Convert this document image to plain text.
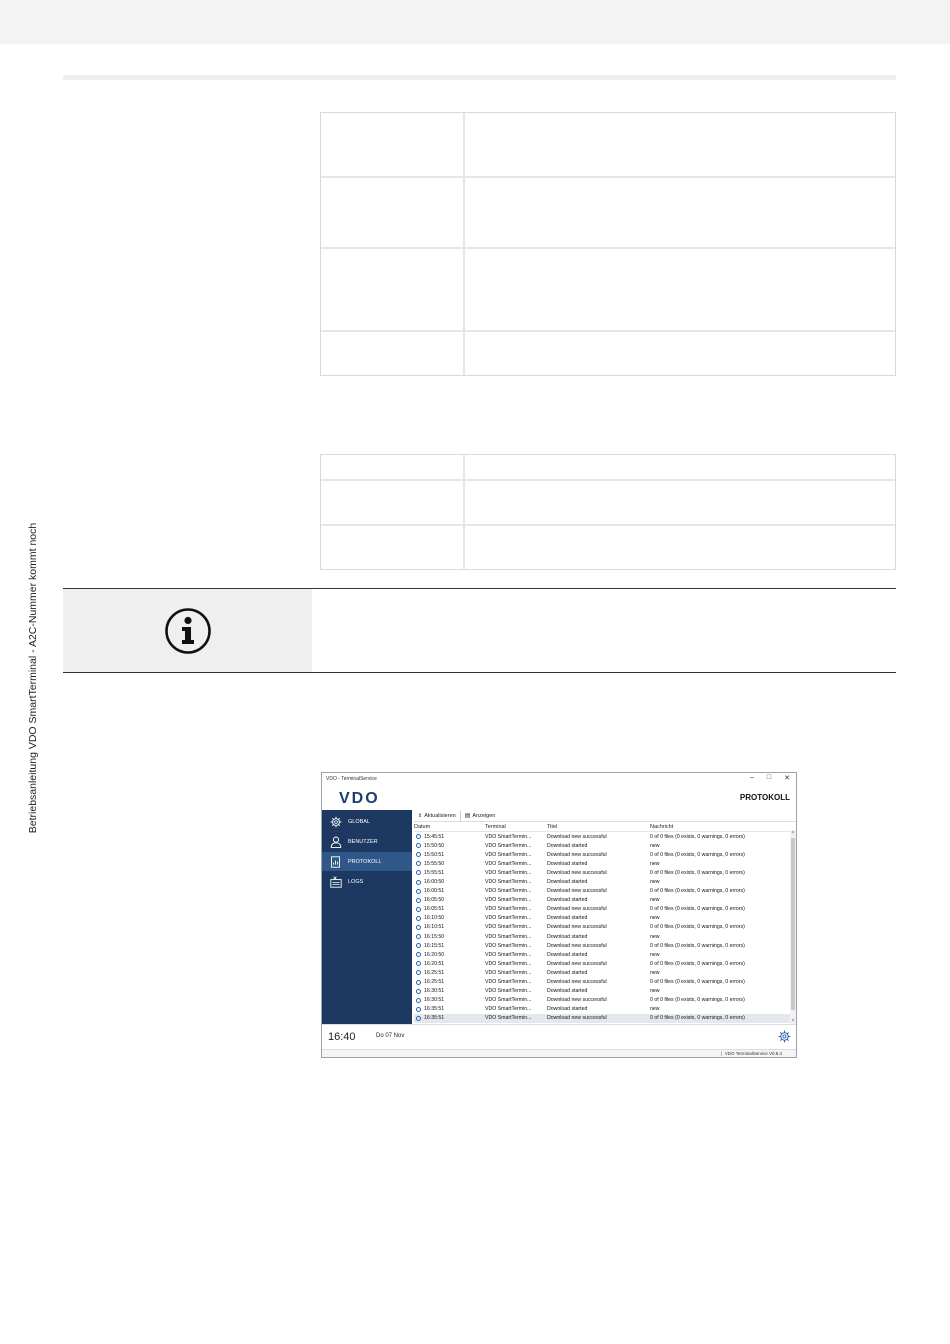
Betriebsanleitung VDO SmartTerminal - A2C-Nummer kommt noch	VDO - TerminalService	– □ ✕
VDO	PROTOKOLL
GLOBAL
BENUTZER
PROTOKOLL
LOGS
⇕ Aktualisieren ▤ Anzeigen
Datum	Terminal	Titel	Nachricht
15:45:51	VDO SmartTermin...	Download new successful	0 of 0 files (0 exists, 0 warnings, 0 errors)
15:50:50	VDO SmartTermin...	Download started	new
15:50:51	VDO SmartTermin...	Download new successful	0 of 0 files (0 exists, 0 warnings, 0 errors)
15:55:50	VDO SmartTermin...	Download started	new
15:55:51	VDO SmartTermin...	Download new successful	0 of 0 files (0 exists, 0 warnings, 0 errors)
16:00:50	VDO SmartTermin...	Download started	new
16:00:51	VDO SmartTermin...	Download new successful	0 of 0 files (0 exists, 0 warnings, 0 errors)
16:05:50	VDO SmartTermin...	Download started	new
16:05:51	VDO SmartTermin...	Download new successful	0 of 0 files (0 exists, 0 warnings, 0 errors)
16:10:50	VDO SmartTermin...	Download started	new
16:10:51	VDO SmartTermin...	Download new successful	0 of 0 files (0 exists, 0 warnings, 0 errors)
16:15:50	VDO SmartTermin...	Download started	new
16:15:51	VDO SmartTermin...	Download new successful	0 of 0 files (0 exists, 0 warnings, 0 errors)
16:20:50	VDO SmartTermin...	Download started	new
16:20:51	VDO SmartTermin...	Download new successful	0 of 0 files (0 exists, 0 warnings, 0 errors)
16:25:51	VDO SmartTermin...	Download started	new
16:25:51	VDO SmartTermin...	Download new successful	0 of 0 files (0 exists, 0 warnings, 0 errors)
16:30:51	VDO SmartTermin...	Download started	new
16:30:51	VDO SmartTermin...	Download new successful	0 of 0 files (0 exists, 0 warnings, 0 errors)
16:35:51	VDO SmartTermin...	Download started	new
16:35:51	VDO SmartTermin...	Download new successful	0 of 0 files (0 exists, 0 warnings, 0 errors)
˄
˅
16:40	Do 07 Nov
VDO TerminalService V0.8.4
